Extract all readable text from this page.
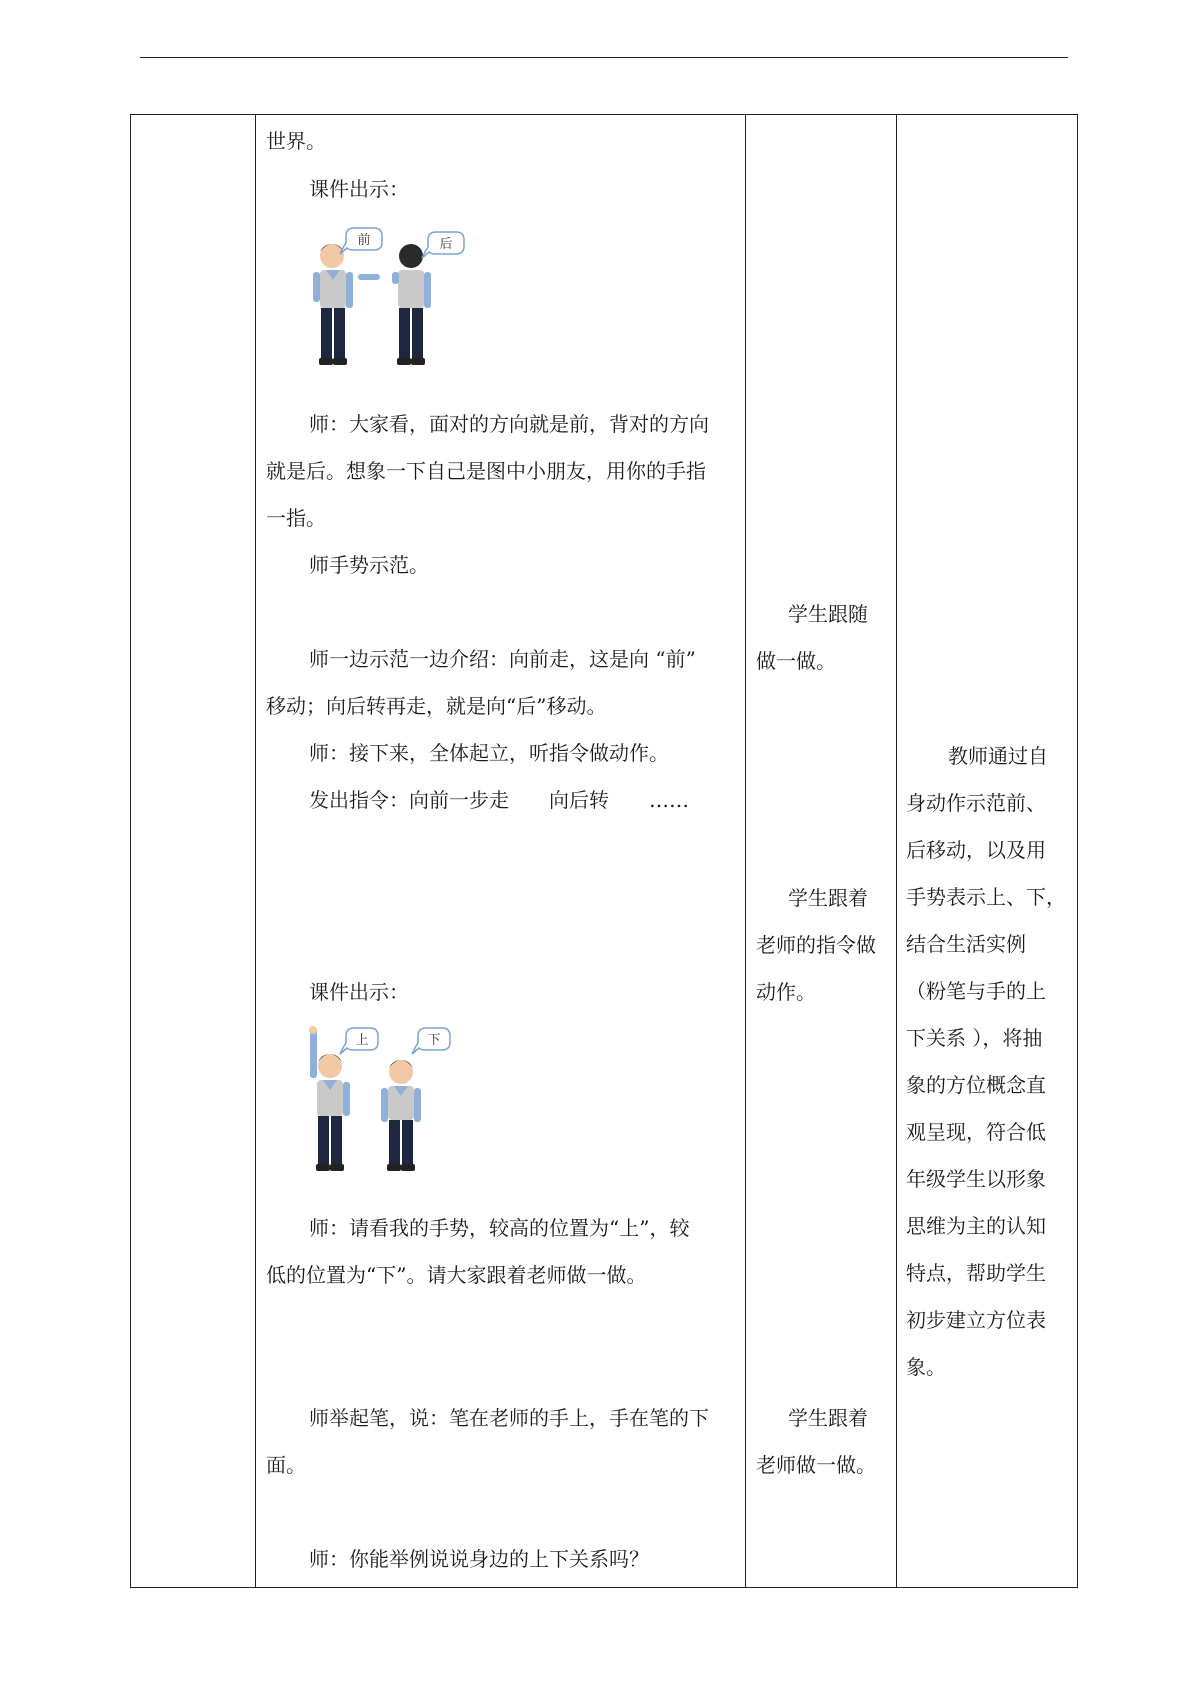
世界。
课件出示：
前	后
师：大家看，面对的方向就是前，背对的方向
就是后。想象一下自己是图中小朋友，用你的手指
一指。
师手势示范。
师一边示范一边介绍：向前走，这是向 “前”
移动；向后转再走，就是向“后”移动。
师：接下来，全体起立，听指令做动作。
发出指令：向前一步走　　向后转　　……
课件出示：
上	下
师：请看我的手势，较高的位置为“上”，较
低的位置为“下”。请大家跟着老师做一做。
师举起笔，说：笔在老师的手上，手在笔的下
面。
师：你能举例说说身边的上下关系吗？
学生跟随
做一做。
学生跟着
老师的指令做
动作。
学生跟着
老师做一做。
教师通过自
身动作示范前、
后移动，以及用
手势表示上、下，
结合生活实例
（粉笔与手的上
下关系 ），将抽
象的方位概念直
观呈现，符合低
年级学生以形象
思维为主的认知
特点，帮助学生
初步建立方位表
象。
